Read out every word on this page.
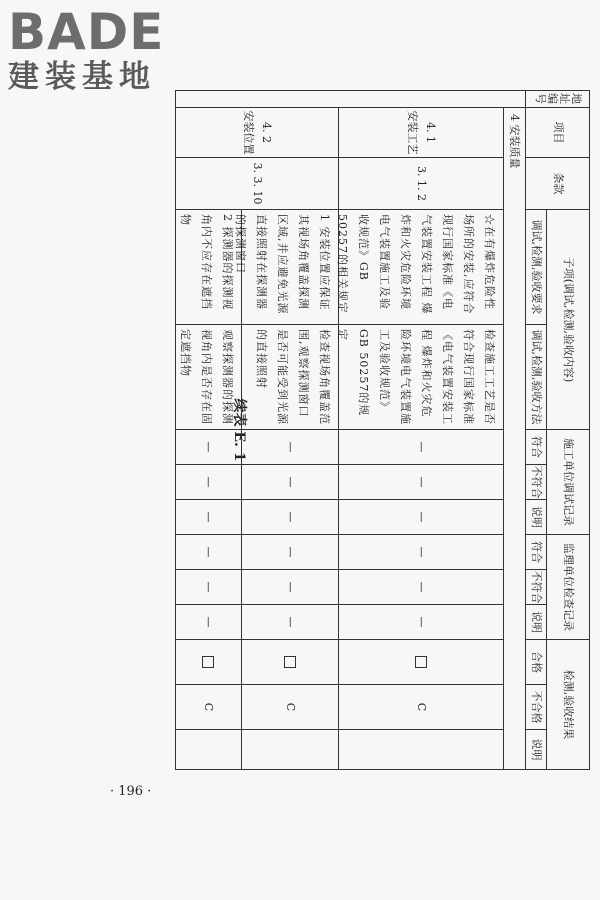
BADE
建装基地
· 196 ·
续表 E. 1
地址编号
项目
条款
子项(调试,检测,验收内容)
调试,检测,验收要求
调试,检测,验收方法
施工单位调试记录
符合
不符合
说明
监理单位检查记录
符合
不符合
说明
检测,验收结果
合格
不合格
说明
4 安装质量
4. 1
安装工艺
3. 1. 2
☆在有爆炸危险性场所的安装,应符合现行国家标准《电气装置安装工程 爆炸和火灾危险环境电气装置施工及验收规范》GB 50257的相关规定
检查施工工艺是否符合现行国家标准《电气装置安装工程 爆炸和火灾危险环境电气装置施工及验收规范》GB 50257的规定
—
—
—
—
—
—
C
4. 2
安装位置
3. 3. 10
1 安装位置应保证其视场角覆盖探测区域,并应避免光源直接照射在探测器的探测窗口
检查视场角覆盖范围,观察探测窗口是否可能受到光源的直接照射
—
—
—
—
—
—
C
2 探测器的探测视角内不应存在遮挡物
观察探测器的探测视角内是否存在固定遮挡物
—
—
—
—
—
—
C
